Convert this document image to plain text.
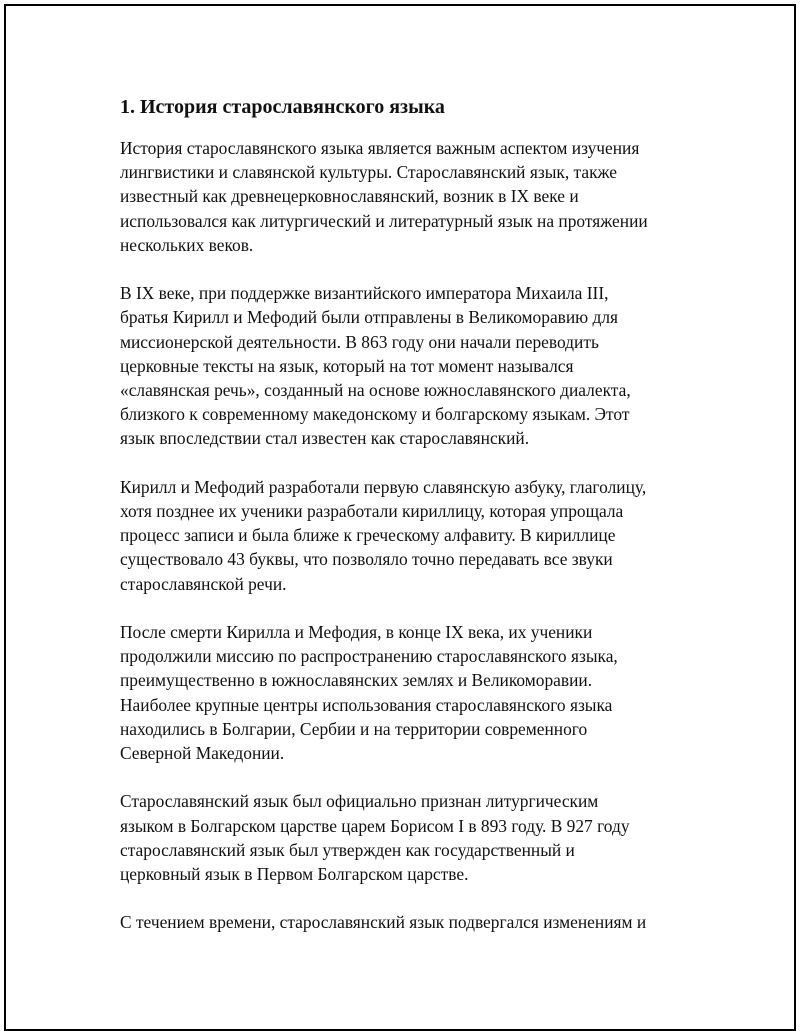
1. История старославянского языка

История старославянского языка является важным аспектом изучения
лингвистики и славянской культуры. Старославянский язык, также
известный как древнецерковнославянский, возник в IX веке и
использовался как литургический и литературный язык на протяжении
нескольких веков.

В IX веке, при поддержке византийского императора Михаила III,
братья Кирилл и Мефодий были отправлены в Великоморавию для
миссионерской деятельности. В 863 году они начали переводить
церковные тексты на язык, который на тот момент назывался
«славянская речь», созданный на основе южнославянского диалекта,
близкого к современному македонскому и болгарскому языкам. Этот
язык впоследствии стал известен как старославянский.

Кирилл и Мефодий разработали первую славянскую азбуку, глаголицу,
хотя позднее их ученики разработали кириллицу, которая упрощала
процесс записи и была ближе к греческому алфавиту. В кириллице
существовало 43 буквы, что позволяло точно передавать все звуки
старославянской речи.

После смерти Кирилла и Мефодия, в конце IX века, их ученики
продолжили миссию по распространению старославянского языка,
преимущественно в южнославянских землях и Великоморавии.
Наиболее крупные центры использования старославянского языка
находились в Болгарии, Сербии и на территории современного
Северной Македонии.

Старославянский язык был официально признан литургическим
языком в Болгарском царстве царем Борисом I в 893 году. В 927 году
старославянский язык был утвержден как государственный и
церковный язык в Первом Болгарском царстве.

С течением времени, старославянский язык подвергался изменениям и
